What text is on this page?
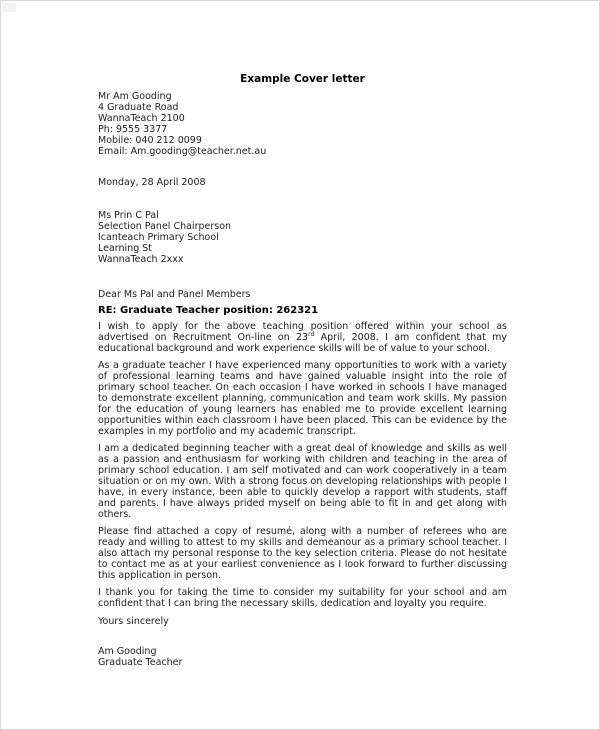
Example Cover letter
Mr Am Gooding
4 Graduate Road
WannaTeach 2100
Ph: 9555 3377
Mobile: 040 212 0099
Email: Am.gooding@teacher.net.au
Monday, 28 April 2008
Ms Prin C Pal
Selection Panel Chairperson
Icanteach Primary School
Learning St
WannaTeach 2xxx
Dear Ms Pal and Panel Members
RE: Graduate Teacher position: 262321

I wish to apply for the above teaching position offered within your school as advertised on Recruitment On-line on 23rd April, 2008. I am confident that my educational background and work experience skills will be of value to your school.

As a graduate teacher I have experienced many opportunities to work with a variety of professional learning teams and have gained valuable insight into the role of primary school teacher. On each occasion I have worked in schools I have managed to demonstrate excellent planning, communication and team work skills. My passion for the education of young learners has enabled me to provide excellent learning opportunities within each classroom I have been placed. This can be evidence by the examples in my portfolio and my academic transcript.

I am a dedicated beginning teacher with a great deal of knowledge and skills as well as a passion and enthusiasm for working with children and teaching in the area of primary school education. I am self motivated and can work cooperatively in a team situation or on my own. With a strong focus on developing relationships with people I have, in every instance, been able to quickly develop a rapport with students, staff and parents. I have always prided myself on being able to fit in and get along with others.

Please find attached a copy of resumé, along with a number of referees who are ready and willing to attest to my skills and demeanour as a primary school teacher. I also attach my personal response to the key selection criteria. Please do not hesitate to contact me as at your earliest convenience as I look forward to further discussing this application in person.

I thank you for taking the time to consider my suitability for your school and am confident that I can bring the necessary skills, dedication and loyalty you require.

Yours sincerely
Am Gooding
Graduate Teacher
